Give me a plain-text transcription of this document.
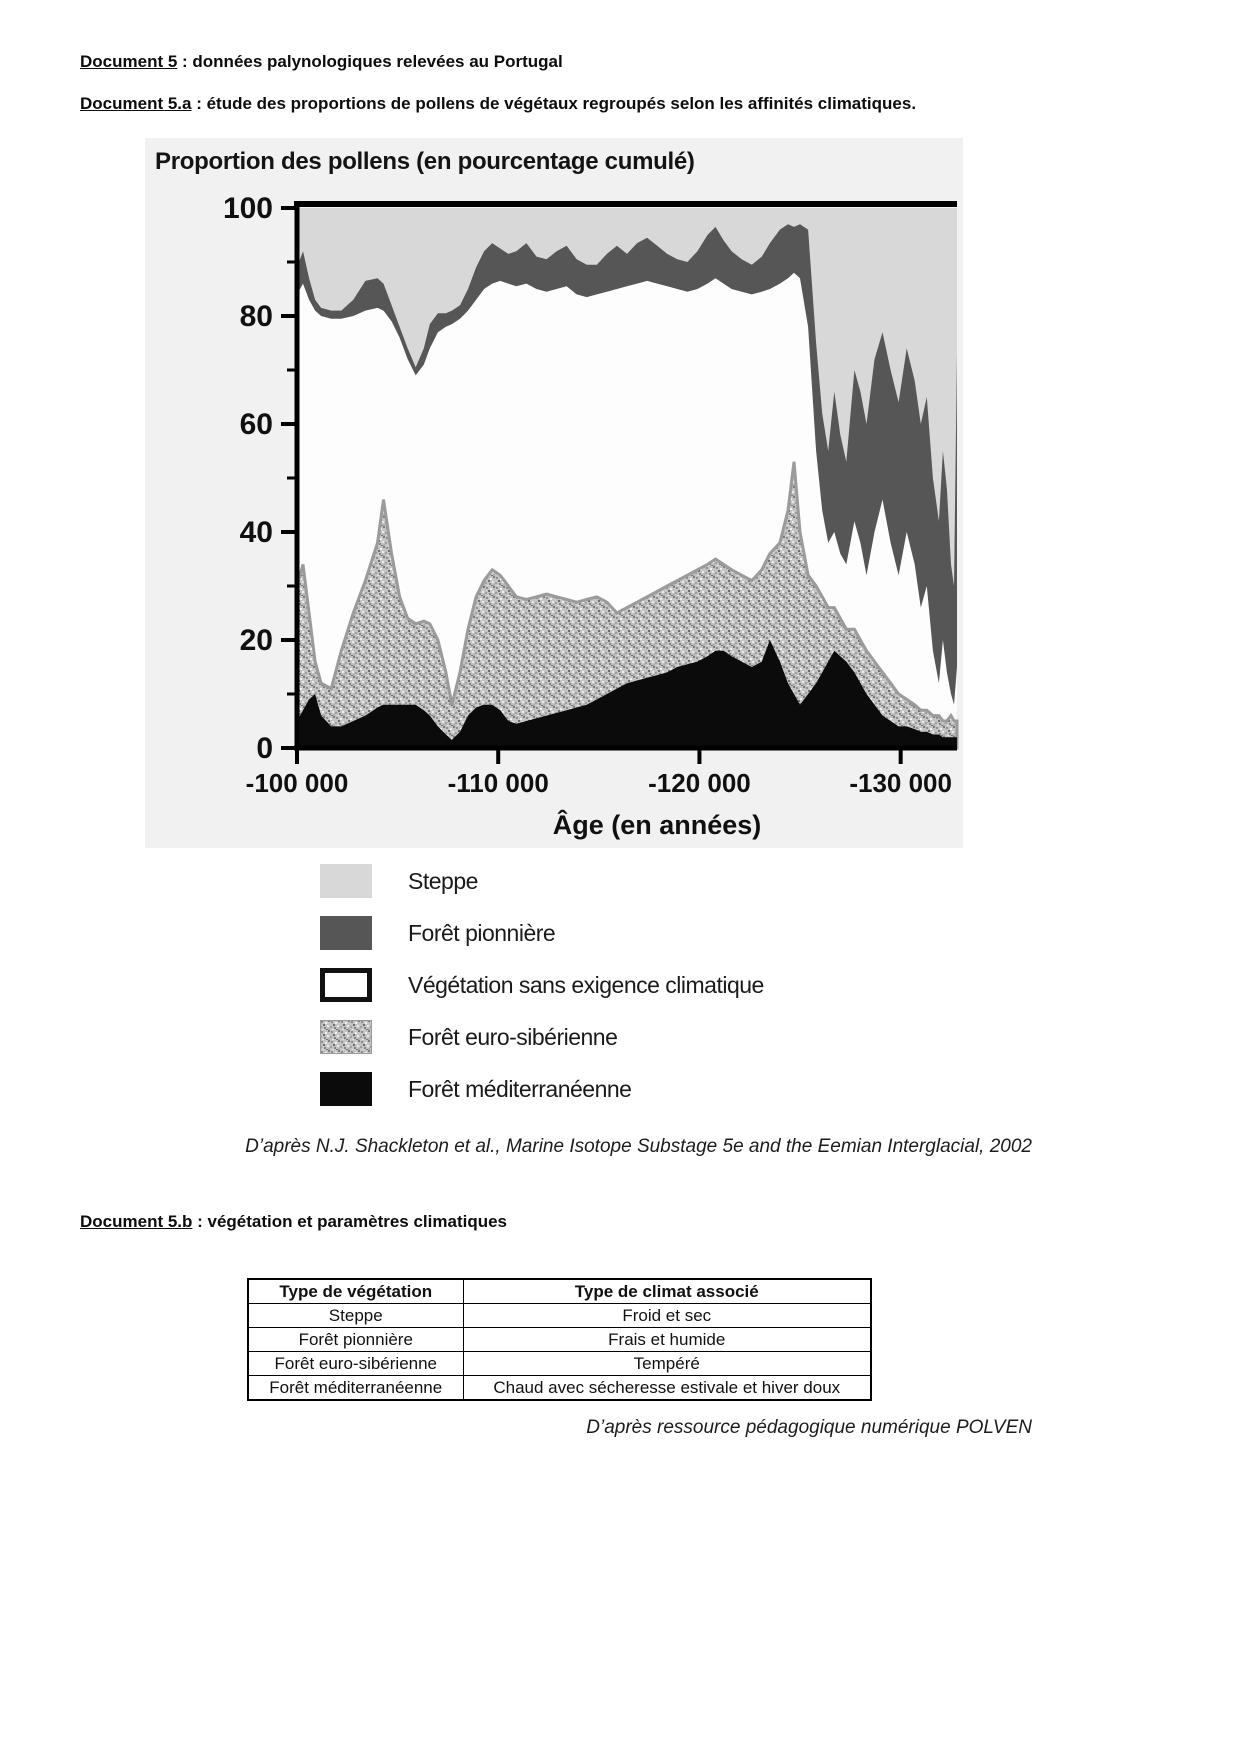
Document 5 : données palynologiques relevées au Portugal

Document 5.a : étude des proportions de pollens de végétaux regroupés selon les affinités climatiques.

Proportion des pollens (en pourcentage cumulé)
0
20
40
60
80
100
-100 000	-110 000	-120 000	-130 000
Âge (en années)
Steppe
Forêt pionnière
Végétation sans exigence climatique
Forêt euro-sibérienne
Forêt méditerranéenne
D’après N.J. Shackleton et al., Marine Isotope Substage 5e and the Eemian Interglacial, 2002

Document 5.b : végétation et paramètres climatiques

Type de végétation	Type de climat associé
Steppe	Froid et sec
Forêt pionnière	Frais et humide
Forêt euro-sibérienne	Tempéré
Forêt méditerranéenne	Chaud avec sécheresse estivale et hiver doux
D’après ressource pédagogique numérique POLVEN
